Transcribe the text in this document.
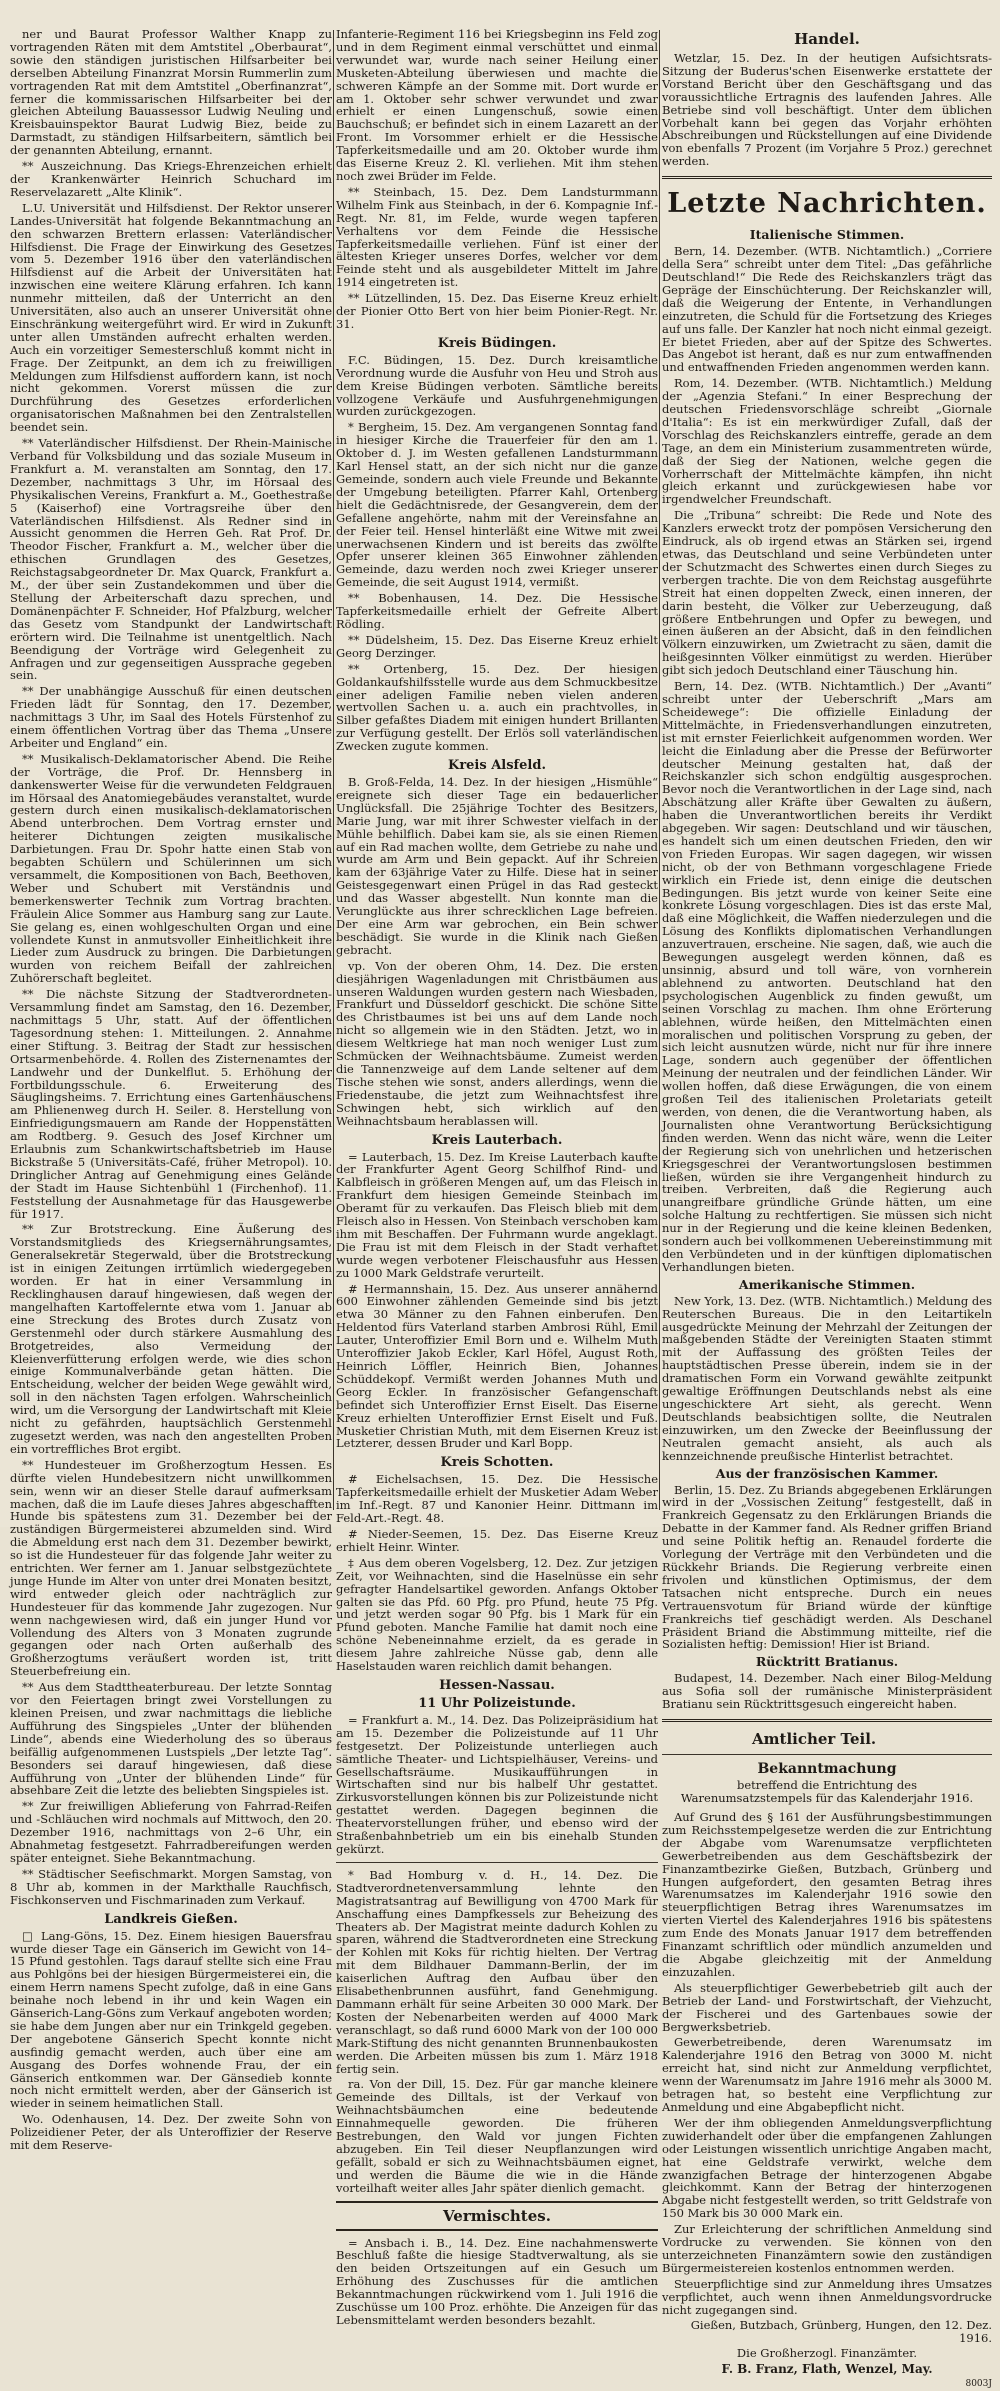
ner und Baurat Professor Walther Knapp zu vortragenden Räten mit dem Amtstitel „Oberbaurat“, sowie den ständigen juristischen Hilfsarbeiter bei derselben Abteilung Finanzrat Morsin Rummerlin zum vortragenden Rat mit dem Amtstitel „Oberfinanzrat“, ferner die kommissarischen Hilfsarbeiter bei der gleichen Abteilung Bauassessor Ludwig Neuling und Kreisbauinspektor Baurat Ludwig Biez, beide zu Darmstadt, zu ständigen Hilfsarbeitern, sämtlich bei der genannten Abteilung, ernannt.

** Auszeichnung. Das Kriegs-Ehrenzeichen erhielt der Krankenwärter Heinrich Schuchard im Reservelazarett „Alte Klinik“.

L.U. Universität und Hilfsdienst. Der Rektor unserer Landes-Universität hat folgende Bekanntmachung an den schwarzen Brettern erlassen: Vaterländischer Hilfsdienst. Die Frage der Einwirkung des Gesetzes vom 5. Dezember 1916 über den vaterländischen Hilfsdienst auf die Arbeit der Universitäten hat inzwischen eine weitere Klärung erfahren. Ich kann nunmehr mitteilen, daß der Unterricht an den Universitäten, also auch an unserer Universität ohne Einschränkung weitergeführt wird. Er wird in Zukunft unter allen Umständen aufrecht erhalten werden. Auch ein vorzeitiger Semesterschluß kommt nicht in Frage. Der Zeitpunkt, an dem ich zu freiwilligen Meldungen zum Hilfsdienst auffordern kann, ist noch nicht gekommen. Vorerst müssen die zur Durchführung des Gesetzes erforderlichen organisatorischen Maßnahmen bei den Zentralstellen beendet sein.

** Vaterländischer Hilfsdienst. Der Rhein-Mainische Verband für Volksbildung und das soziale Museum in Frankfurt a. M. veranstalten am Sonntag, den 17. Dezember, nachmittags 3 Uhr, im Hörsaal des Physikalischen Vereins, Frankfurt a. M., Goethestraße 5 (Kaiserhof) eine Vortragsreihe über den Vaterländischen Hilfsdienst. Als Redner sind in Aussicht genommen die Herren Geh. Rat Prof. Dr. Theodor Fischer, Frankfurt a. M., welcher über die ethischen Grundlagen des Gesetzes, Reichstagsabgeordneter Dr. Max Quarck, Frankfurt a. M., der über sein Zustandekommen und über die Stellung der Arbeiterschaft dazu sprechen, und Domänenpächter F. Schneider, Hof Pfalzburg, welcher das Gesetz vom Standpunkt der Landwirtschaft erörtern wird. Die Teilnahme ist unentgeltlich. Nach Beendigung der Vorträge wird Gelegenheit zu Anfragen und zur gegenseitigen Aussprache gegeben sein.

** Der unabhängige Ausschuß für einen deutschen Frieden lädt für Sonntag, den 17. Dezember, nachmittags 3 Uhr, im Saal des Hotels Fürstenhof zu einem öffentlichen Vortrag über das Thema „Unsere Arbeiter und England“ ein.

** Musikalisch-Deklamatorischer Abend. Die Reihe der Vorträge, die Prof. Dr. Hennsberg in dankenswerter Weise für die verwundeten Feldgrauen im Hörsaal des Anatomiegebäudes veranstaltet, wurde gestern durch einen musikalisch-deklamatorischen Abend unterbrochen. Dem Vortrag ernster und heiterer Dichtungen zeigten musikalische Darbietungen. Frau Dr. Spohr hatte einen Stab von begabten Schülern und Schülerinnen um sich versammelt, die Kompositionen von Bach, Beethoven, Weber und Schubert mit Verständnis und bemerkenswerter Technik zum Vortrag brachten. Fräulein Alice Sommer aus Hamburg sang zur Laute. Sie gelang es, einen wohlgeschulten Organ und eine vollendete Kunst in anmutsvoller Einheitlichkeit ihre Lieder zum Ausdruck zu bringen. Die Darbietungen wurden von reichem Beifall der zahlreichen Zuhörerschaft begleitet.

** Die nächste Sitzung der Stadtverordneten-Versammlung findet am Samstag, den 16. Dezember, nachmittags 5 Uhr, statt. Auf der öffentlichen Tagesordnung stehen: 1. Mitteilungen. 2. Annahme einer Stiftung. 3. Beitrag der Stadt zur hessischen Ortsarmenbehörde. 4. Rollen des Zisternenamtes der Landwehr und der Dunkelflut. 5. Erhöhung der Fortbildungsschule. 6. Erweiterung des Säuglingsheims. 7. Errichtung eines Gartenhäuschens am Phlienenweg durch H. Seiler. 8. Herstellung von Einfriedigungsmauern am Rande der Hoppenstätten am Rodtberg. 9. Gesuch des Josef Kirchner um Erlaubnis zum Schankwirtschaftsbetrieb im Hause Bickstraße 5 (Universitäts-Café, früher Metropol). 10. Dringlicher Antrag auf Genehmigung eines Gelände der Stadt im Hause Sichtenbühl 1 (Firchenhof). 11. Feststellung der Ausnahmetage für das Hausgewerbe für 1917.

** Zur Brotstreckung. Eine Äußerung des Vorstandsmitglieds des Kriegsernährungsamtes, Generalsekretär Stegerwald, über die Brotstreckung ist in einigen Zeitungen irrtümlich wiedergegeben worden. Er hat in einer Versammlung in Recklinghausen darauf hingewiesen, daß wegen der mangelhaften Kartoffelernte etwa vom 1. Januar ab eine Streckung des Brotes durch Zusatz von Gerstenmehl oder durch stärkere Ausmahlung des Brotgetreides, also Vermeidung der Kleienverfütterung erfolgen werde, wie dies schon einige Kommunalverbände getan hätten. Die Entscheidung, welcher der beiden Wege gewählt wird, soll in den nächsten Tagen erfolgen. Wahrscheinlich wird, um die Versorgung der Landwirtschaft mit Kleie nicht zu gefährden, hauptsächlich Gerstenmehl zugesetzt werden, was nach den angestellten Proben ein vortreffliches Brot ergibt.

** Hundesteuer im Großherzogtum Hessen. Es dürfte vielen Hundebesitzern nicht unwillkommen sein, wenn wir an dieser Stelle darauf aufmerksam machen, daß die im Laufe dieses Jahres abgeschafften Hunde bis spätestens zum 31. Dezember bei der zuständigen Bürgermeisterei abzumelden sind. Wird die Abmeldung erst nach dem 31. Dezember bewirkt, so ist die Hundesteuer für das folgende Jahr weiter zu entrichten. Wer ferner am 1. Januar selbstgezüchtete junge Hunde im Alter von unter drei Monaten besitzt, wird entweder gleich oder nachträglich zur Hundesteuer für das kommende Jahr zugezogen. Nur wenn nachgewiesen wird, daß ein junger Hund vor Vollendung des Alters von 3 Monaten zugrunde gegangen oder nach Orten außerhalb des Großherzogtums veräußert worden ist, tritt Steuerbefreiung ein.

** Aus dem Stadttheaterbureau. Der letzte Sonntag vor den Feiertagen bringt zwei Vorstellungen zu kleinen Preisen, und zwar nachmittags die liebliche Aufführung des Singspieles „Unter der blühenden Linde“, abends eine Wiederholung des so überaus beifällig aufgenommenen Lustspiels „Der letzte Tag“. Besonders sei darauf hingewiesen, daß diese Aufführung von „Unter der blühenden Linde“ für absehbare Zeit die letzte des beliebten Singspieles ist.

** Zur freiwilligen Ablieferung von Fahrrad-Reifen und -Schläuchen wird nochmals auf Mittwoch, den 20. Dezember 1916, nachmittags von 2–6 Uhr, ein Abnahmetag festgesetzt. Fahrradbereifungen werden später enteignet. Siehe Bekanntmachung.

** Städtischer Seefischmarkt. Morgen Samstag, von 8 Uhr ab, kommen in der Markthalle Rauchfisch, Fischkonserven und Fischmarinaden zum Verkauf.

Landkreis Gießen.

□ Lang-Göns, 15. Dez. Einem hiesigen Bauersfrau wurde dieser Tage ein Gänserich im Gewicht von 14–15 Pfund gestohlen. Tags darauf stellte sich eine Frau aus Pohlgöns bei der hiesigen Bürgermeisterei ein, die einem Herrn namens Specht zufolge, daß in eine Gans beinahe noch lebend in ihr und kein Wagen ein Gänserich-Lang-Göns zum Verkauf angeboten worden; sie habe dem Jungen aber nur ein Trinkgeld gegeben. Der angebotene Gänserich Specht konnte nicht ausfindig gemacht werden, auch über eine am Ausgang des Dorfes wohnende Frau, der ein Gänserich entkommen war. Der Gänsedieb konnte noch nicht ermittelt werden, aber der Gänserich ist wieder in seinem heimatlichen Stall.

Wo. Odenhausen, 14. Dez. Der zweite Sohn von Polizeidiener Peter, der als Unteroffizier der Reserve mit dem Reserve-

Infanterie-Regiment 116 bei Kriegsbeginn ins Feld zog und in dem Regiment einmal verschüttet und einmal verwundet war, wurde nach seiner Heilung einer Musketen-Abteilung überwiesen und machte die schweren Kämpfe an der Somme mit. Dort wurde er am 1. Oktober sehr schwer verwundet und zwar erhielt er einen Lungenschuß, sowie einen Bauchschuß; er befindet sich in einem Lazarett an der Front. Im Vorsommer erhielt er die Hessische Tapferkeitsmedaille und am 20. Oktober wurde ihm das Eiserne Kreuz 2. Kl. verliehen. Mit ihm stehen noch zwei Brüder im Felde.

** Steinbach, 15. Dez. Dem Landsturmmann Wilhelm Fink aus Steinbach, in der 6. Kompagnie Inf.-Regt. Nr. 81, im Felde, wurde wegen tapferen Verhaltens vor dem Feinde die Hessische Tapferkeitsmedaille verliehen. Fünf ist einer der ältesten Krieger unseres Dorfes, welcher vor dem Feinde steht und als ausgebildeter Mittelt im Jahre 1914 eingetreten ist.

** Lützellinden, 15. Dez. Das Eiserne Kreuz erhielt der Pionier Otto Bert von hier beim Pionier-Regt. Nr. 31.

Kreis Büdingen.

F.C. Büdingen, 15. Dez. Durch kreisamtliche Verordnung wurde die Ausfuhr von Heu und Stroh aus dem Kreise Büdingen verboten. Sämtliche bereits vollzogene Verkäufe und Ausfuhrgenehmigungen wurden zurückgezogen.

* Bergheim, 15. Dez. Am vergangenen Sonntag fand in hiesiger Kirche die Trauerfeier für den am 1. Oktober d. J. im Westen gefallenen Landsturmmann Karl Hensel statt, an der sich nicht nur die ganze Gemeinde, sondern auch viele Freunde und Bekannte der Umgebung beteiligten. Pfarrer Kahl, Ortenberg hielt die Gedächtnisrede, der Gesangverein, dem der Gefallene angehörte, nahm mit der Vereinsfahne an der Feier teil. Hensel hinterläßt eine Witwe mit zwei unerwachsenen Kindern und ist bereits das zwölfte Opfer unserer kleinen 365 Einwohner zählenden Gemeinde, dazu werden noch zwei Krieger unserer Gemeinde, die seit August 1914, vermißt.

** Bobenhausen, 14. Dez. Die Hessische Tapferkeitsmedaille erhielt der Gefreite Albert Rödling.

** Düdelsheim, 15. Dez. Das Eiserne Kreuz erhielt Georg Derzinger.

** Ortenberg, 15. Dez. Der hiesigen Goldankaufshilfsstelle wurde aus dem Schmuckbesitze einer adeligen Familie neben vielen anderen wertvollen Sachen u. a. auch ein prachtvolles, in Silber gefaßtes Diadem mit einigen hundert Brillanten zur Verfügung gestellt. Der Erlös soll vaterländischen Zwecken zugute kommen.

Kreis Alsfeld.

B. Groß-Felda, 14. Dez. In der hiesigen „Hismühle“ ereignete sich dieser Tage ein bedauerlicher Unglücksfall. Die 25jährige Tochter des Besitzers, Marie Jung, war mit ihrer Schwester vielfach in der Mühle behilflich. Dabei kam sie, als sie einen Riemen auf ein Rad machen wollte, dem Getriebe zu nahe und wurde am Arm und Bein gepackt. Auf ihr Schreien kam der 63jährige Vater zu Hilfe. Diese hat in seiner Geistesgegenwart einen Prügel in das Rad gesteckt und das Wasser abgestellt. Nun konnte man die Verunglückte aus ihrer schrecklichen Lage befreien. Der eine Arm war gebrochen, ein Bein schwer beschädigt. Sie wurde in die Klinik nach Gießen gebracht.

vp. Von der oberen Ohm, 14. Dez. Die ersten diesjährigen Wagenladungen mit Christbäumen aus unseren Waldungen wurden gestern nach Wiesbaden, Frankfurt und Düsseldorf geschickt. Die schöne Sitte des Christbaumes ist bei uns auf dem Lande noch nicht so allgemein wie in den Städten. Jetzt, wo in diesem Weltkriege hat man noch weniger Lust zum Schmücken der Weihnachtsbäume. Zumeist werden die Tannenzweige auf dem Lande seltener auf dem Tische stehen wie sonst, anders allerdings, wenn die Friedenstaube, die jetzt zum Weihnachtsfest ihre Schwingen hebt, sich wirklich auf den Weihnachtsbaum herablassen will.

Kreis Lauterbach.

= Lauterbach, 15. Dez. Im Kreise Lauterbach kaufte der Frankfurter Agent Georg Schilfhof Rind- und Kalbfleisch in größeren Mengen auf, um das Fleisch in Frankfurt dem hiesigen Gemeinde Steinbach im Oberamt für zu verkaufen. Das Fleisch blieb mit dem Fleisch also in Hessen. Von Steinbach verschoben kam ihm mit Beschaffen. Der Fuhrmann wurde angeklagt. Die Frau ist mit dem Fleisch in der Stadt verhaftet wurde wegen verbotener Fleischausfuhr aus Hessen zu 1000 Mark Geldstrafe verurteilt.

# Hermannshain, 15. Dez. Aus unserer annähernd 600 Einwohner zählenden Gemeinde sind bis jetzt etwa 30 Männer zu den Fahnen einberufen. Den Heldentod fürs Vaterland starben Ambrosi Rühl, Emil Lauter, Unteroffizier Emil Born und e. Wilhelm Muth Unteroffizier Jakob Eckler, Karl Höfel, August Roth, Heinrich Löffler, Heinrich Bien, Johannes Schüddekopf. Vermißt werden Johannes Muth und Georg Eckler. In französischer Gefangenschaft befindet sich Unteroffizier Ernst Eiselt. Das Eiserne Kreuz erhielten Unteroffizier Ernst Eiselt und Fuß. Musketier Christian Muth, mit dem Eisernen Kreuz ist Letzterer, dessen Bruder und Karl Bopp.

Kreis Schotten.

# Eichelsachsen, 15. Dez. Die Hessische Tapferkeitsmedaille erhielt der Musketier Adam Weber im Inf.-Regt. 87 und Kanonier Heinr. Dittmann im Feld-Art.-Regt. 48.

# Nieder-Seemen, 15. Dez. Das Eiserne Kreuz erhielt Heinr. Winter.

‡ Aus dem oberen Vogelsberg, 12. Dez. Zur jetzigen Zeit, vor Weihnachten, sind die Haselnüsse ein sehr gefragter Handelsartikel geworden. Anfangs Oktober galten sie das Pfd. 60 Pfg. pro Pfund, heute 75 Pfg. und jetzt werden sogar 90 Pfg. bis 1 Mark für ein Pfund geboten. Manche Familie hat damit noch eine schöne Nebeneinnahme erzielt, da es gerade in diesem Jahre zahlreiche Nüsse gab, denn alle Haselstauden waren reichlich damit behangen.

Hessen-Nassau.
11 Uhr Polizeistunde.

= Frankfurt a. M., 14. Dez. Das Polizeipräsidium hat am 15. Dezember die Polizeistunde auf 11 Uhr festgesetzt. Der Polizeistunde unterliegen auch sämtliche Theater- und Lichtspielhäuser, Vereins- und Gesellschaftsräume. Musikaufführungen in Wirtschaften sind nur bis halbelf Uhr gestattet. Zirkusvorstellungen können bis zur Polizeistunde nicht gestattet werden. Dagegen beginnen die Theatervorstellungen früher, und ebenso wird der Straßenbahnbetrieb um ein bis einehalb Stunden gekürzt.

* Bad Homburg v. d. H., 14. Dez. Die Stadtverordnetenversammlung lehnte den Magistratsantrag auf Bewilligung von 4700 Mark für Anschaffung eines Dampfkessels zur Beheizung des Theaters ab. Der Magistrat meinte dadurch Kohlen zu sparen, während die Stadtverordneten eine Streckung der Kohlen mit Koks für richtig hielten. Der Vertrag mit dem Bildhauer Dammann-Berlin, der im kaiserlichen Auftrag den Aufbau über den Elisabethenbrunnen ausführt, fand Genehmigung. Dammann erhält für seine Arbeiten 30 000 Mark. Der Kosten der Nebenarbeiten werden auf 4000 Mark veranschlagt, so daß rund 6000 Mark von der 100 000 Mark-Stiftung des nicht genannten Brunnenbaukosten werden. Die Arbeiten müssen bis zum 1. März 1918 fertig sein.

ra. Von der Dill, 15. Dez. Für gar manche kleinere Gemeinde des Dilltals, ist der Verkauf von Weihnachtsbäumchen eine bedeutende Einnahmequelle geworden. Die früheren Bestrebungen, den Wald vor jungen Fichten abzugeben. Ein Teil dieser Neupflanzungen wird gefällt, sobald er sich zu Weihnachtsbäumen eignet, und werden die Bäume die wie in die Hände vorteilhaft weiter alles Jahr später dienlich gemacht.

Vermischtes.

= Ansbach i. B., 14. Dez. Eine nachahmenswerte Beschluß faßte die hiesige Stadtverwaltung, als sie den beiden Ortszeitungen auf ein Gesuch um Erhöhung des Zuschusses für die amtlichen Bekanntmachungen rückwirkend vom 1. Juli 1916 die Zuschüsse um 100 Proz. erhöhte. Die Anzeigen für das Lebensmittelamt werden besonders bezahlt.

Handel.

Wetzlar, 15. Dez. In der heutigen Aufsichtsrats-Sitzung der Buderus'schen Eisenwerke erstattete der Vorstand Bericht über den Geschäftsgang und das voraussichtliche Ertragnis des laufenden Jahres. Alle Betriebe sind voll beschäftigt. Unter dem üblichen Vorbehalt kann bei gegen das Vorjahr erhöhten Abschreibungen und Rückstellungen auf eine Dividende von ebenfalls 7 Prozent (im Vorjahre 5 Proz.) gerechnet werden.

Letzte Nachrichten.
Italienische Stimmen.

Bern, 14. Dezember. (WTB. Nichtamtlich.) „Corriere della Sera“ schreibt unter dem Titel: „Das gefährliche Deutschland!“ Die Rede des Reichskanzlers trägt das Gepräge der Einschüchterung. Der Reichskanzler will, daß die Weigerung der Entente, in Verhandlungen einzutreten, die Schuld für die Fortsetzung des Krieges auf uns falle. Der Kanzler hat noch nicht einmal gezeigt. Er bietet Frieden, aber auf der Spitze des Schwertes. Das Angebot ist herant, daß es nur zum entwaffnenden und entwaffnenden Frieden angenommen werden kann.

Rom, 14. Dezember. (WTB. Nichtamtlich.) Meldung der „Agenzia Stefani.“ In einer Besprechung der deutschen Friedensvorschläge schreibt „Giornale d'Italia“: Es ist ein merkwürdiger Zufall, daß der Vorschlag des Reichskanzlers eintreffe, gerade an dem Tage, an dem ein Ministerium zusammentreten würde, daß der Sieg der Nationen, welche gegen die Vorherrschaft der Mittelmächte kämpfen, ihn nicht gleich erkannt und zurückgewiesen habe vor irgendwelcher Freundschaft.

Die „Tribuna“ schreibt: Die Rede und Note des Kanzlers erweckt trotz der pompösen Versicherung den Eindruck, als ob irgend etwas an Stärken sei, irgend etwas, das Deutschland und seine Verbündeten unter der Schutzmacht des Schwertes einen durch Sieges zu verbergen trachte. Die von dem Reichstag ausgeführte Streit hat einen doppelten Zweck, einen inneren, der darin besteht, die Völker zur Ueberzeugung, daß größere Entbehrungen und Opfer zu bewegen, und einen äußeren an der Absicht, daß in den feindlichen Völkern einzuwirken, um Zwietracht zu säen, damit die heißgesinnten Völker einmütigst zu werden. Hierüber gibt sich jedoch Deutschland einer Täuschung hin.

Bern, 14. Dez. (WTB. Nichtamtlich.) Der „Avanti“ schreibt unter der Ueberschrift „Mars am Scheidewege“: Die offizielle Einladung der Mittelmächte, in Friedensverhandlungen einzutreten, ist mit ernster Feierlichkeit aufgenommen worden. Wer leicht die Einladung aber die Presse der Befürworter deutscher Meinung gestalten hat, daß der Reichskanzler sich schon endgültig ausgesprochen. Bevor noch die Verantwortlichen in der Lage sind, nach Abschätzung aller Kräfte über Gewalten zu äußern, haben die Unverantwortlichen bereits ihr Verdikt abgegeben. Wir sagen: Deutschland und wir täuschen, es handelt sich um einen deutschen Frieden, den wir von Frieden Europas. Wir sagen dagegen, wir wissen nicht, ob der von Bethmann vorgeschlagene Friede wirklich ein Friede ist, denn einige die deutschen Bedingungen. Bis jetzt wurde von keiner Seite eine konkrete Lösung vorgeschlagen. Dies ist das erste Mal, daß eine Möglichkeit, die Waffen niederzulegen und die Lösung des Konflikts diplomatischen Verhandlungen anzuvertrauen, erscheine. Nie sagen, daß, wie auch die Bewegungen ausgelegt werden können, daß es unsinnig, absurd und toll wäre, von vornherein ablehnend zu antworten. Deutschland hat den psychologischen Augenblick zu finden gewußt, um seinen Vorschlag zu machen. Ihm ohne Erörterung ablehnen, würde heißen, den Mittelmächten einen moralischen und politischen Vorsprung zu geben, der sich leicht ausnutzen würde, nicht nur für ihre innere Lage, sondern auch gegenüber der öffentlichen Meinung der neutralen und der feindlichen Länder. Wir wollen hoffen, daß diese Erwägungen, die von einem großen Teil des italienischen Proletariats geteilt werden, von denen, die die Verantwortung haben, als Journalisten ohne Verantwortung Berücksichtigung finden werden. Wenn das nicht wäre, wenn die Leiter der Regierung sich von unehrlichen und hetzerischen Kriegsgeschrei der Verantwortungslosen bestimmen ließen, würden sie ihre Vergangenheit hindurch zu treiben. Verbreiten, daß die Regierung auch unangreifbare gründliche Gründe hätten, um eine solche Haltung zu rechtfertigen. Sie müssen sich nicht nur in der Regierung und die keine kleinen Bedenken, sondern auch bei vollkommenen Uebereinstimmung mit den Verbündeten und in der künftigen diplomatischen Verhandlungen bieten.

Amerikanische Stimmen.

New York, 13. Dez. (WTB. Nichtamtlich.) Meldung des Reuterschen Bureaus. Die in den Leitartikeln ausgedrückte Meinung der Mehrzahl der Zeitungen der maßgebenden Städte der Vereinigten Staaten stimmt mit der Auffassung des größten Teiles der hauptstädtischen Presse überein, indem sie in der dramatischen Form ein Vorwand gewählte zeitpunkt gewaltige Eröffnungen Deutschlands nebst als eine ungeschicktere Art sieht, als gerecht. Wenn Deutschlands beabsichtigen sollte, die Neutralen einzuwirken, um den Zwecke der Beeinflussung der Neutralen gemacht ansieht, als auch als kennzeichnende preußische Hinterlist betrachtet.

Aus der französischen Kammer.

Berlin, 15. Dez. Zu Briands abgegebenen Erklärungen wird in der „Vossischen Zeitung“ festgestellt, daß in Frankreich Gegensatz zu den Erklärungen Briands die Debatte in der Kammer fand. Als Redner griffen Briand und seine Politik heftig an. Renaudel forderte die Vorlegung der Verträge mit den Verbündeten und die Rückkehr Briands. Die Regierung verbreite einen frivolen und künstlichen Optimismus, der dem Tatsachen nicht entspreche. Durch ein neues Vertrauensvotum für Briand würde der künftige Frankreichs tief geschädigt werden. Als Deschanel Präsident Briand die Abstimmung mitteilte, rief die Sozialisten heftig: Demission! Hier ist Briand.

Rücktritt Bratianus.

Budapest, 14. Dezember. Nach einer Bilog-Meldung aus Sofia soll der rumänische Ministerpräsident Bratianu sein Rücktrittsgesuch eingereicht haben.

Amtlicher Teil.
Bekanntmachung
betreffend die Entrichtung des Warenumsatzstempels für das Kalenderjahr 1916.

Auf Grund des § 161 der Ausführungsbestimmungen zum Reichsstempelgesetze werden die zur Entrichtung der Abgabe vom Warenumsatze verpflichteten Gewerbetreibenden aus dem Geschäftsbezirk der Finanzamtbezirke Gießen, Butzbach, Grünberg und Hungen aufgefordert, den gesamten Betrag ihres Warenumsatzes im Kalenderjahr 1916 sowie den steuerpflichtigen Betrag ihres Warenumsatzes im vierten Viertel des Kalenderjahres 1916 bis spätestens zum Ende des Monats Januar 1917 dem betreffenden Finanzamt schriftlich oder mündlich anzumelden und die Abgabe gleichzeitig mit der Anmeldung einzuzahlen.

Als steuerpflichtiger Gewerbebetrieb gilt auch der Betrieb der Land- und Forstwirtschaft, der Viehzucht, der Fischerei und des Gartenbaues sowie der Bergwerksbetrieb.

Gewerbetreibende, deren Warenumsatz im Kalenderjahre 1916 den Betrag von 3000 M. nicht erreicht hat, sind nicht zur Anmeldung verpflichtet, wenn der Warenumsatz im Jahre 1916 mehr als 3000 M. betragen hat, so besteht eine Verpflichtung zur Anmeldung und eine Abgabepflicht nicht.

Wer der ihm obliegenden Anmeldungsverpflichtung zuwiderhandelt oder über die empfangenen Zahlungen oder Leistungen wissentlich unrichtige Angaben macht, hat eine Geldstrafe verwirkt, welche dem zwanzigfachen Betrage der hinterzogenen Abgabe gleichkommt. Kann der Betrag der hinterzogenen Abgabe nicht festgestellt werden, so tritt Geldstrafe von 150 Mark bis 30 000 Mark ein.

Zur Erleichterung der schriftlichen Anmeldung sind Vordrucke zu verwenden. Sie können von den unterzeichneten Finanzämtern sowie den zuständigen Bürgermeistereien kostenlos entnommen werden.

Steuerpflichtige sind zur Anmeldung ihres Umsatzes verpflichtet, auch wenn ihnen Anmeldungsvordrucke nicht zugegangen sind.

Gießen, Butzbach, Grünberg, Hungen, den 12. Dez. 1916.
Die Großherzogl. Finanzämter.
F. B. Franz, Flath, Wenzel, May.
8003J
